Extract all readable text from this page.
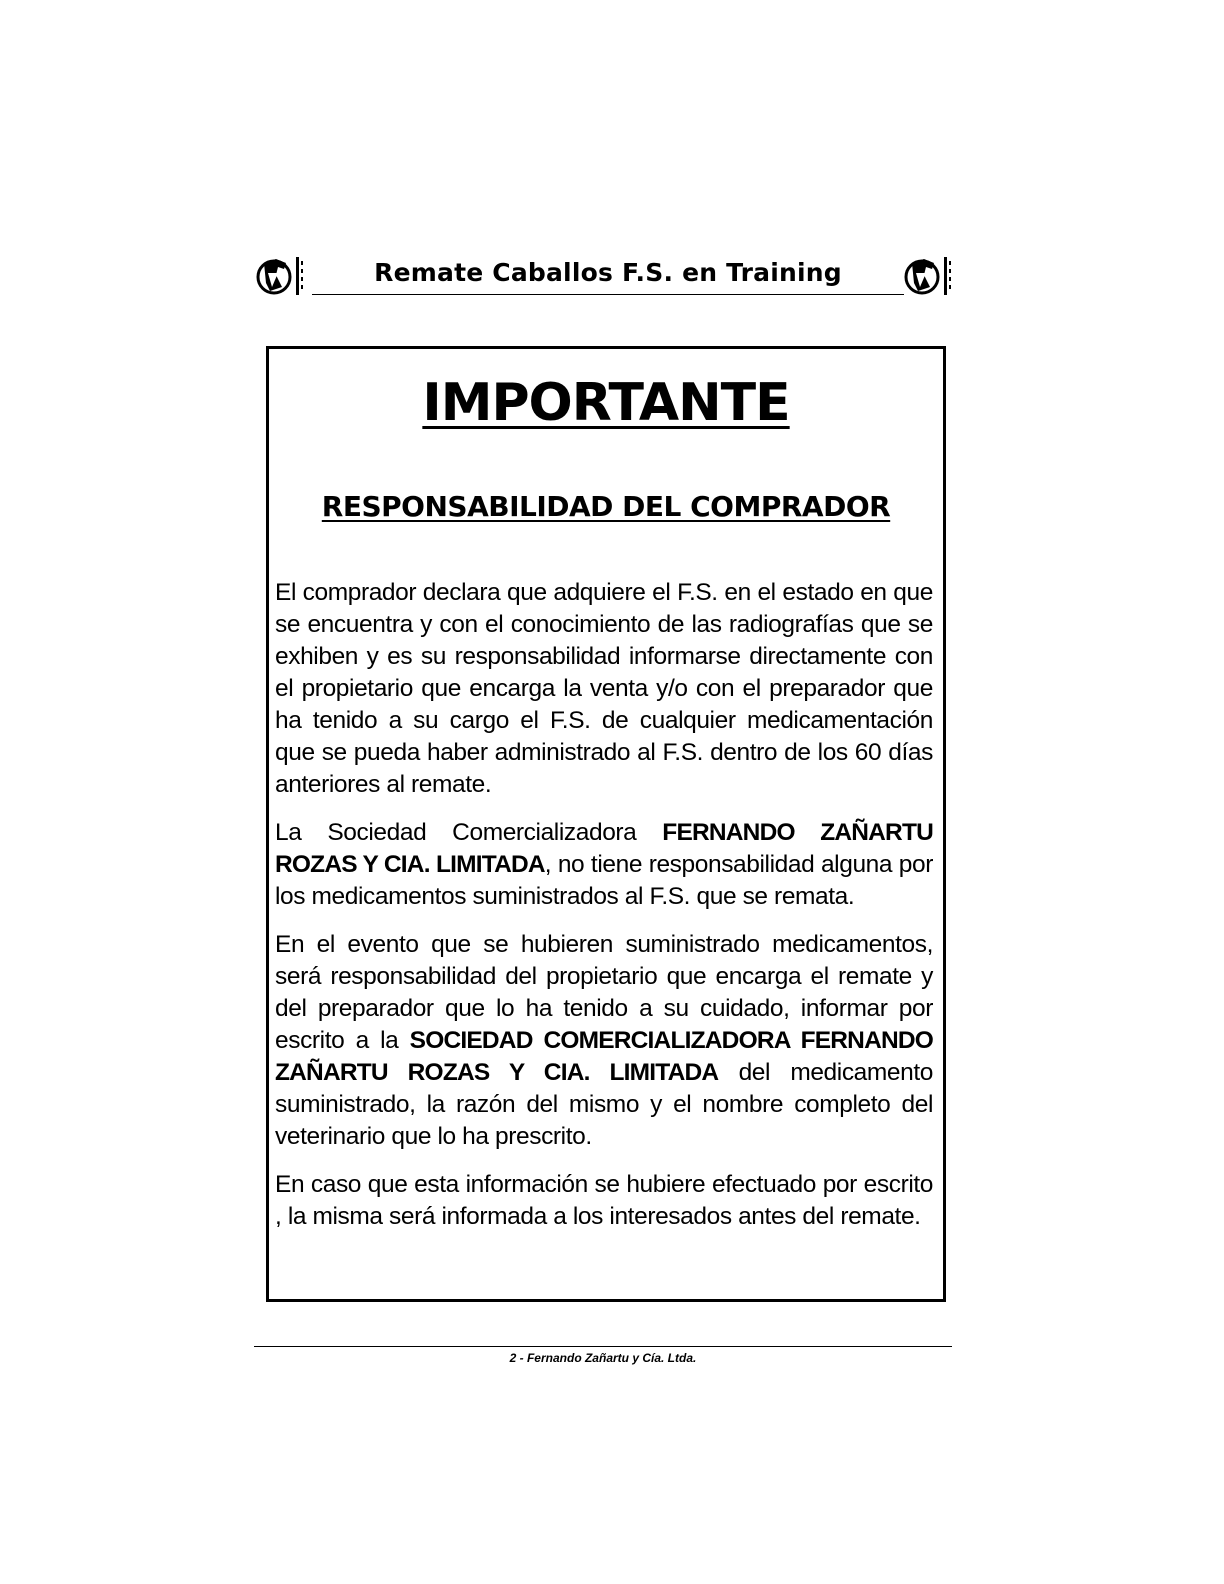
Remate Caballos F.S. en Training
IMPORTANTE
RESPONSABILIDAD DEL COMPRADOR

El comprador declara que adquiere el F.S. en el estado en que se encuentra y con el conocimiento de las radiografías que se exhiben y es su responsabilidad informarse directamente con el propietario que encarga la venta y/o con el preparador que ha tenido a su cargo el F.S. de cualquier medicamentación que se pueda haber administrado al F.S. dentro de los 60 días anteriores al remate.

La Sociedad Comercializadora FERNANDO ZAÑARTU ROZAS Y CIA. LIMITADA, no tiene responsabilidad alguna por los medicamentos suministrados al F.S. que se remata.

En el evento que se hubieren suministrado medicamentos, será responsabilidad del propietario que encarga el remate y del preparador que lo ha tenido a su cuidado, informar por escrito a la SOCIEDAD COMERCIALIZADORA FERNANDO ZAÑARTU ROZAS Y CIA. LIMITADA del medicamento suministrado, la razón del mismo y el nombre completo del veterinario que lo ha prescrito.

En caso que esta información se hubiere efectuado por escrito , la misma será informada a los interesados antes del remate.

2 - Fernando Zañartu y Cía. Ltda.
